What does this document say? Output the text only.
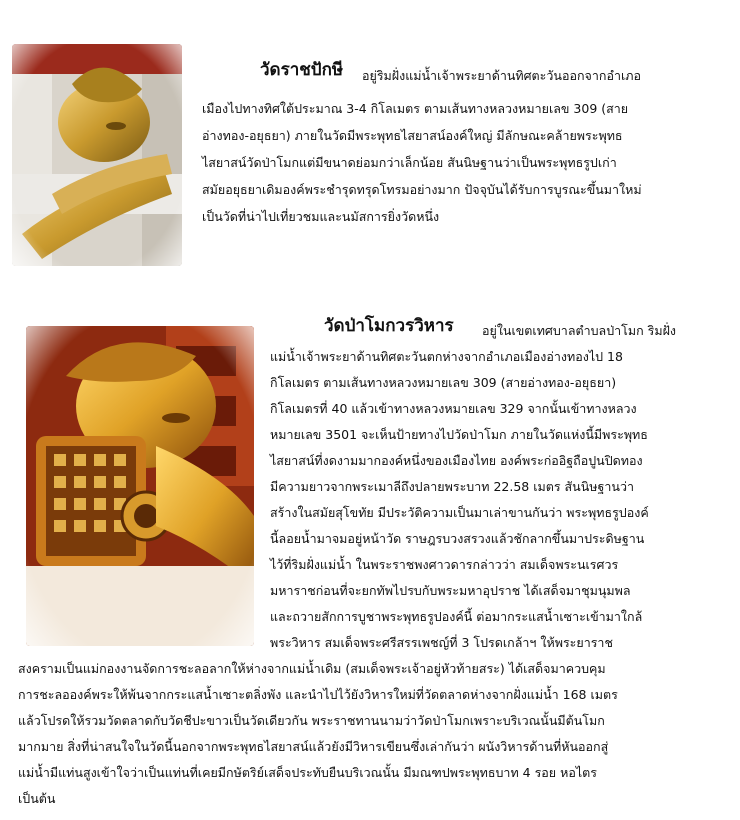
วัดราชปักษี อยู่ริมฝั่งแม่น้ำเจ้าพระยาด้านทิศตะวันออกจากอำเภอ
เมืองไปทางทิศใต้ประมาณ 3-4 กิโลเมตร ตามเส้นทางหลวงหมายเลข 309 (สาย
อ่างทอง-อยุธยา) ภายในวัดมีพระพุทธไสยาสน์องค์ใหญ่ มีลักษณะคล้ายพระพุทธ
ไสยาสน์วัดป่าโมกแต่มีขนาดย่อมกว่าเล็กน้อย สันนิษฐานว่าเป็นพระพุทธรูปเก่า
สมัยอยุธยาเดิมองค์พระชำรุดทรุดโทรมอย่างมาก ปัจจุบันได้รับการบูรณะขึ้นมาใหม่
เป็นวัดที่น่าไปเที่ยวชมและนมัสการยิ่งวัดหนึ่ง
วัดป่าโมกวรวิหาร อยู่ในเขตเทศบาลตำบลป่าโมก ริมฝั่ง
แม่น้ำเจ้าพระยาด้านทิศตะวันตกห่างจากอำเภอเมืองอ่างทองไป 18
กิโลเมตร ตามเส้นทางหลวงหมายเลข 309 (สายอ่างทอง-อยุธยา)
กิโลเมตรที่ 40 แล้วเข้าทางหลวงหมายเลข 329 จากนั้นเข้าทางหลวง
หมายเลข 3501 จะเห็นป้ายทางไปวัดป่าโมก ภายในวัดแห่งนี้มีพระพุทธ
ไสยาสน์ที่งดงามมากองค์หนึ่งของเมืองไทย องค์พระก่ออิฐถือปูนปิดทอง
มีความยาวจากพระเมาลีถึงปลายพระบาท 22.58 เมตร สันนิษฐานว่า
สร้างในสมัยสุโขทัย มีประวัติความเป็นมาเล่าขานกันว่า พระพุทธรูปองค์
นี้ลอยน้ำมาจมอยู่หน้าวัด ราษฎรบวงสรวงแล้วชักลากขึ้นมาประดิษฐาน
ไว้ที่ริมฝั่งแม่น้ำ ในพระราชพงศาวดารกล่าวว่า สมเด็จพระนเรศวร
มหาราชก่อนที่จะยกทัพไปรบกับพระมหาอุปราช ได้เสด็จมาชุมนุมพล
และถวายสักการบูชาพระพุทธรูปองค์นี้ ต่อมากระแสน้ำเซาะเข้ามาใกล้
พระวิหาร สมเด็จพระศรีสรรเพชญ์ที่ 3 โปรดเกล้าฯ ให้พระยาราช
สงครามเป็นแม่กองงานจัดการชะลอลากให้ห่างจากแม่น้ำเดิม (สมเด็จพระเจ้าอยู่หัวท้ายสระ) ได้เสด็จมาควบคุม
การชะลอองค์พระให้พ้นจากกระแสน้ำเซาะตลิ่งพัง และนำไปไว้ยังวิหารใหม่ที่วัดตลาดห่างจากฝั่งแม่น้ำ 168 เมตร
แล้วโปรดให้รวมวัดตลาดกับวัดชีปะขาวเป็นวัดเดียวกัน พระราชทานนามว่าวัดป่าโมกเพราะบริเวณนั้นมีต้นโมก
มากมาย สิ่งที่น่าสนใจในวัดนี้นอกจากพระพุทธไสยาสน์แล้วยังมีวิหารเขียนซึ่งเล่ากันว่า ผนังวิหารด้านที่หันออกสู่
แม่น้ำมีแท่นสูงเข้าใจว่าเป็นแท่นที่เคยมีกษัตริย์เสด็จประทับยืนบริเวณนั้น มีมณฑปพระพุทธบาท 4 รอย หอไตร
เป็นต้น
